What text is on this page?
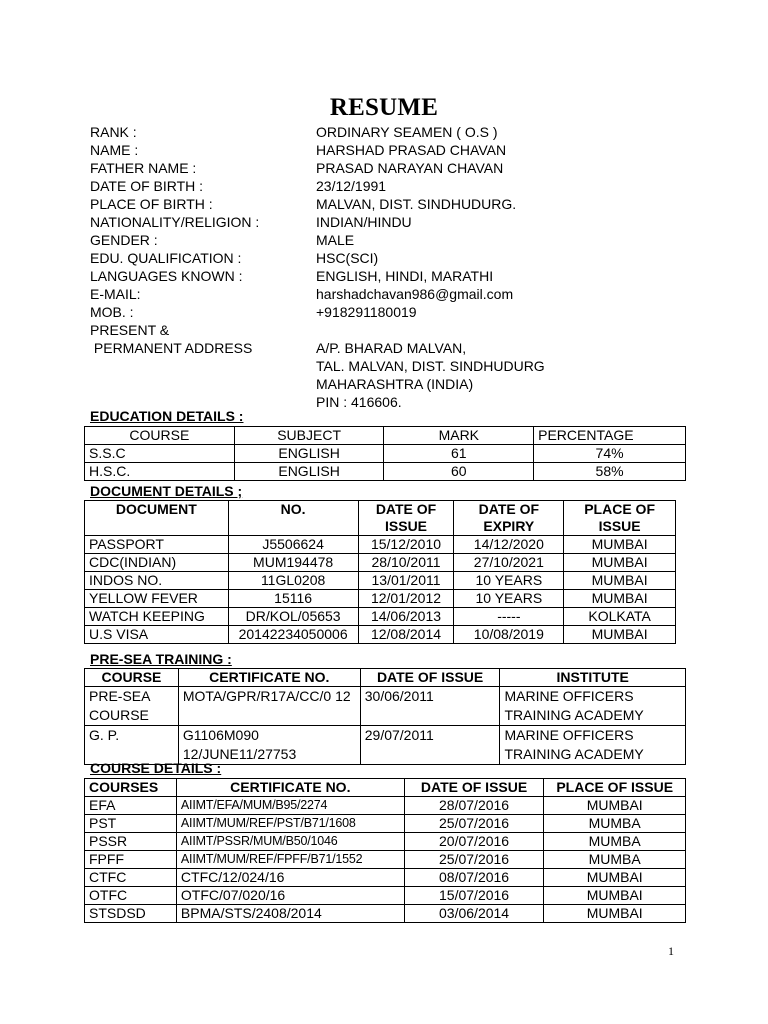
RESUME
RANK :	ORDINARY SEAMEN ( O.S )
NAME :	HARSHAD PRASAD CHAVAN
FATHER NAME :	PRASAD NARAYAN CHAVAN
DATE OF BIRTH :	23/12/1991
PLACE OF BIRTH :	MALVAN, DIST. SINDHUDURG.
NATIONALITY/RELIGION :	INDIAN/HINDU
GENDER :	MALE
EDU. QUALIFICATION :	HSC(SCI)
LANGUAGES KNOWN :	ENGLISH, HINDI, MARATHI
E-MAIL:	harshadchavan986@gmail.com
MOB. :	+918291180019
PRESENT &
PERMANENT ADDRESS	A/P. BHARAD MALVAN,
TAL. MALVAN, DIST. SINDHUDURG
MAHARASHTRA (INDIA)
PIN : 416606.
EDUCATION DETAILS :
COURSE	SUBJECT	MARK	PERCENTAGE
S.S.C	ENGLISH	61	74%
H.S.C.	ENGLISH	60	58%
DOCUMENT DETAILS ;
DOCUMENT	NO.	DATE OF ISSUE	DATE OF EXPIRY	PLACE OF ISSUE
PASSPORT	J5506624	15/12/2010	14/12/2020	MUMBAI
CDC(INDIAN)	MUM194478	28/10/2011	27/10/2021	MUMBAI
INDOS NO.	11GL0208	13/01/2011	10 YEARS	MUMBAI
YELLOW FEVER	15116	12/01/2012	10 YEARS	MUMBAI
WATCH KEEPING	DR/KOL/05653	14/06/2013	-----	KOLKATA
U.S VISA	20142234050006	12/08/2014	10/08/2019	MUMBAI
PRE-SEA TRAINING :
COURSE	CERTIFICATE NO.	DATE OF ISSUE	INSTITUTE
PRE-SEA COURSE	MOTA/GPR/R17A/CC/0 12	30/06/2011	MARINE OFFICERS TRAINING ACADEMY
G. P.	G1106M090 12/JUNE11/27753	29/07/2011	MARINE OFFICERS TRAINING ACADEMY
COURSE DETAILS :
COURSES	CERTIFICATE NO.	DATE OF ISSUE	PLACE OF ISSUE
EFA	AIIMT/EFA/MUM/B95/2274	28/07/2016	MUMBAI
PST	AIIMT/MUM/REF/PST/B71/1608	25/07/2016	MUMBA
PSSR	AIIMT/PSSR/MUM/B50/1046	20/07/2016	MUMBA
FPFF	AIIMT/MUM/REF/FPFF/B71/1552	25/07/2016	MUMBA
CTFC	CTFC/12/024/16	08/07/2016	MUMBAI
OTFC	OTFC/07/020/16	15/07/2016	MUMBAI
STSDSD	BPMA/STS/2408/2014	03/06/2014	MUMBAI
1
